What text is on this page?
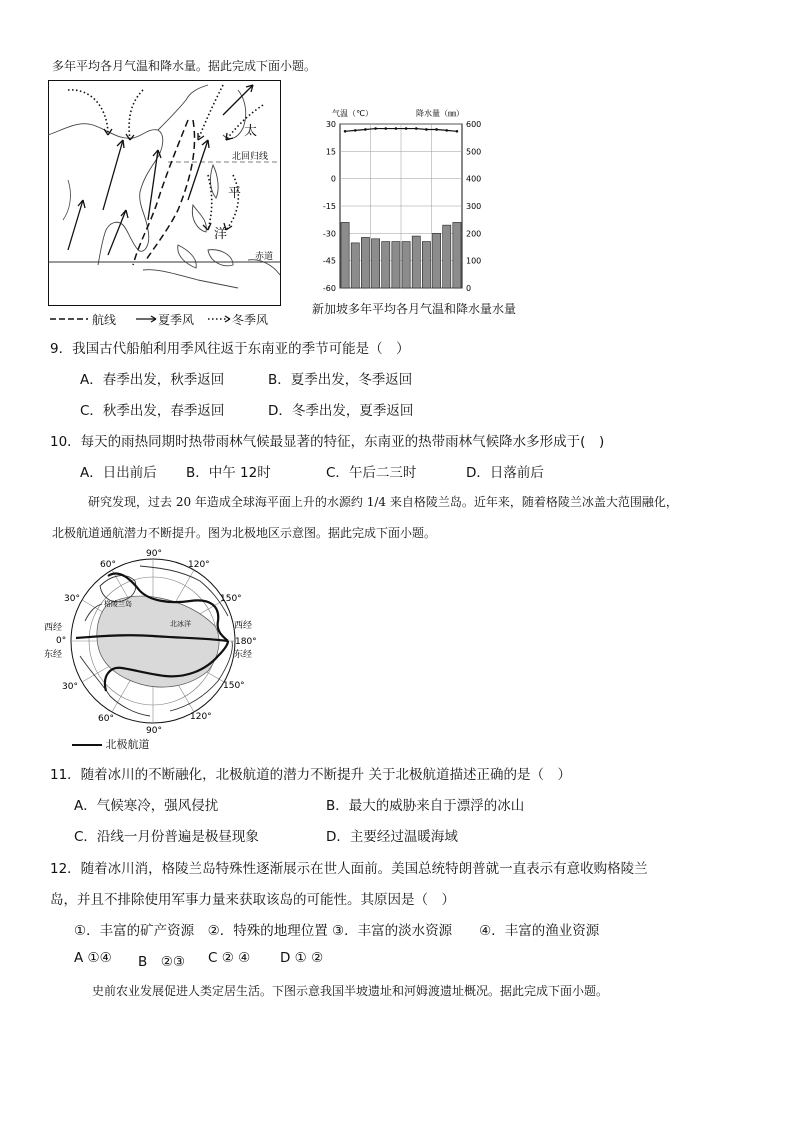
多年平均各月气温和降水量。据此完成下面小题。
太
平
洋
北回归线
赤道
航线	夏季风	冬季风
30
15
0
-15
-30
-45
-60
600
500
400
300
200
100
0
气温（℃）	降水量（㎜）
新加坡多年平均各月气温和降水量水量
9．我国古代船舶利用季风往返于东南亚的季节可能是（　）
A．春季出发，秋季返回	B．夏季出发，冬季返回
C．秋季出发，春季返回	D．冬季出发，夏季返回
10．每天的雨热同期时热带雨林气候最显著的特征，东南亚的热带雨林气候降水多形成于(　)
A．日出前后 B．中午 12时	C．午后二三时	D．日落前后
研究发现，过去 20 年造成全球海平面上升的水源约 1/4 来自格陵兰岛。近年来，随着格陵兰冰盖大范围融化，
北极航道通航潜力不断提升。图为北极地区示意图。据此完成下面小题。
90°
120°
150°
180°
西经
东经
150°
120°
90°
60°
30°
0°
西经
东经
30°
60°
格陵兰岛
北冰洋
北极航道
11．随着冰川的不断融化，北极航道的潜力不断提升 关于北极航道描述正确的是（　）
A．气候寒冷，强风侵扰	B．最大的威胁来自于漂浮的冰山
C．沿线一月份普遍是极昼现象	D．主要经过温暖海域
12．随着冰川消，格陵兰岛特殊性逐渐展示在世人面前。美国总统特朗普就一直表示有意收购格陵兰
岛，并且不排除使用军事力量来获取该岛的可能性。其原因是（　）
①．丰富的矿产资源　②．特殊的地理位置 ③．丰富的淡水资源　　④．丰富的渔业资源
A ①④ B　②③ C ② ④ D ① ②
史前农业发展促进人类定居生活。下图示意我国半坡遗址和河姆渡遗址概况。据此完成下面小题。
